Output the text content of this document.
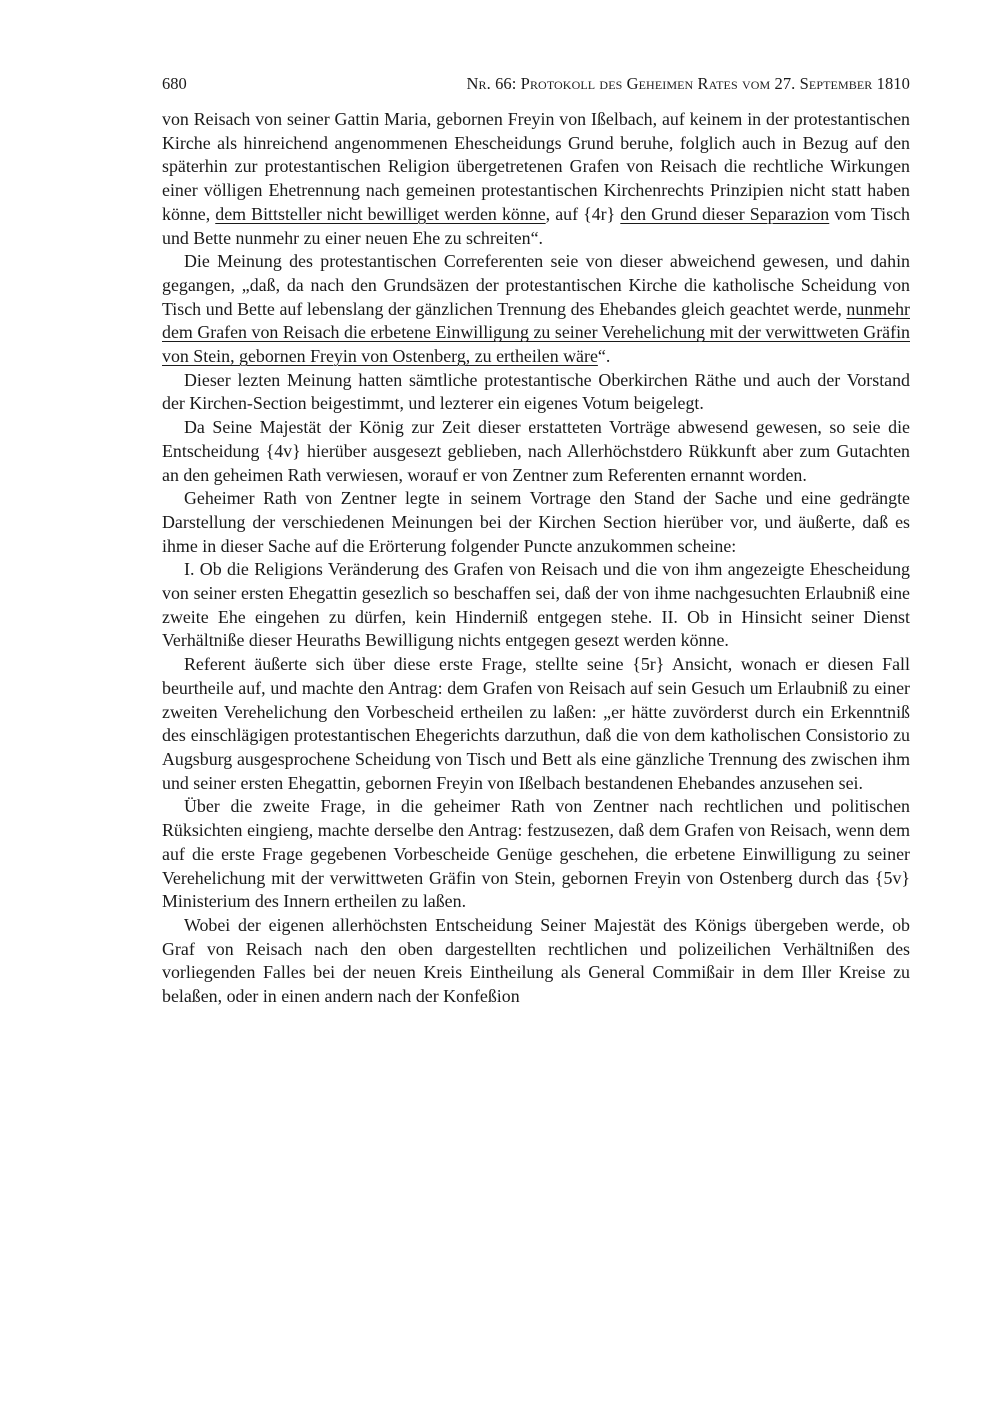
680	Nr. 66: Protokoll des Geheimen Rates vom 27. September 1810

von Reisach von seiner Gattin Maria, gebornen Freyin von Ißelbach, auf keinem in der protestantischen Kirche als hinreichend angenommenen Ehescheidungs Grund beruhe, folglich auch in Bezug auf den späterhin zur protestantischen Religion übergetretenen Grafen von Reisach die rechtliche Wirkungen einer völligen Ehetrennung nach gemeinen protestantischen Kirchenrechts Prinzipien nicht statt haben könne, dem Bittsteller nicht bewilliget werden könne, auf {4r} den Grund dieser Separazion vom Tisch und Bette nunmehr zu einer neuen Ehe zu schreiten“.

Die Meinung des protestantischen Correferenten seie von dieser abweichend gewesen, und dahin gegangen, „daß, da nach den Grundsäzen der protestantischen Kirche die katholische Scheidung von Tisch und Bette auf lebenslang der gänzlichen Trennung des Ehebandes gleich geachtet werde, nunmehr dem Grafen von Reisach die erbetene Einwilligung zu seiner Verehelichung mit der verwittweten Gräfin von Stein, gebornen Freyin von Ostenberg, zu ertheilen wäre“.

Dieser lezten Meinung hatten sämtliche protestantische Oberkirchen Räthe und auch der Vorstand der Kirchen-Section beigestimmt, und lezterer ein eigenes Votum beigelegt.

Da Seine Majestät der König zur Zeit dieser erstatteten Vorträge abwesend gewesen, so seie die Entscheidung {4v} hierüber ausgesezt geblieben, nach Allerhöchstdero Rükkunft aber zum Gutachten an den geheimen Rath verwiesen, worauf er von Zentner zum Referenten ernannt worden.

Geheimer Rath von Zentner legte in seinem Vortrage den Stand der Sache und eine gedrängte Darstellung der verschiedenen Meinungen bei der Kirchen Section hierüber vor, und äußerte, daß es ihme in dieser Sache auf die Erörterung folgender Puncte anzukommen scheine:

I. Ob die Religions Veränderung des Grafen von Reisach und die von ihm angezeigte Ehescheidung von seiner ersten Ehegattin gesezlich so beschaffen sei, daß der von ihme nachgesuchten Erlaubniß eine zweite Ehe eingehen zu dürfen, kein Hinderniß entgegen stehe. II. Ob in Hinsicht seiner Dienst Verhältniße dieser Heuraths Bewilligung nichts entgegen gesezt werden könne.

Referent äußerte sich über diese erste Frage, stellte seine {5r} Ansicht, wonach er diesen Fall beurtheile auf, und machte den Antrag: dem Grafen von Reisach auf sein Gesuch um Erlaubniß zu einer zweiten Verehelichung den Vorbescheid ertheilen zu laßen: „er hätte zuvörderst durch ein Erkenntniß des einschlägigen protestantischen Ehegerichts darzuthun, daß die von dem katholischen Consistorio zu Augsburg ausgesprochene Scheidung von Tisch und Bett als eine gänzliche Trennung des zwischen ihm und seiner ersten Ehegattin, gebornen Freyin von Ißelbach bestandenen Ehebandes anzusehen sei.

Über die zweite Frage, in die geheimer Rath von Zentner nach rechtlichen und politischen Rüksichten eingieng, machte derselbe den Antrag: festzusezen, daß dem Grafen von Reisach, wenn dem auf die erste Frage gegebenen Vorbescheide Genüge geschehen, die erbetene Einwilligung zu seiner Verehelichung mit der verwittweten Gräfin von Stein, gebornen Freyin von Ostenberg durch das {5v} Ministerium des Innern ertheilen zu laßen.

Wobei der eigenen allerhöchsten Entscheidung Seiner Majestät des Königs übergeben werde, ob Graf von Reisach nach den oben dargestellten rechtlichen und polizeilichen Verhältnißen des vorliegenden Falles bei der neuen Kreis Eintheilung als General Commißair in dem Iller Kreise zu belaßen, oder in einen andern nach der Konfeßion
